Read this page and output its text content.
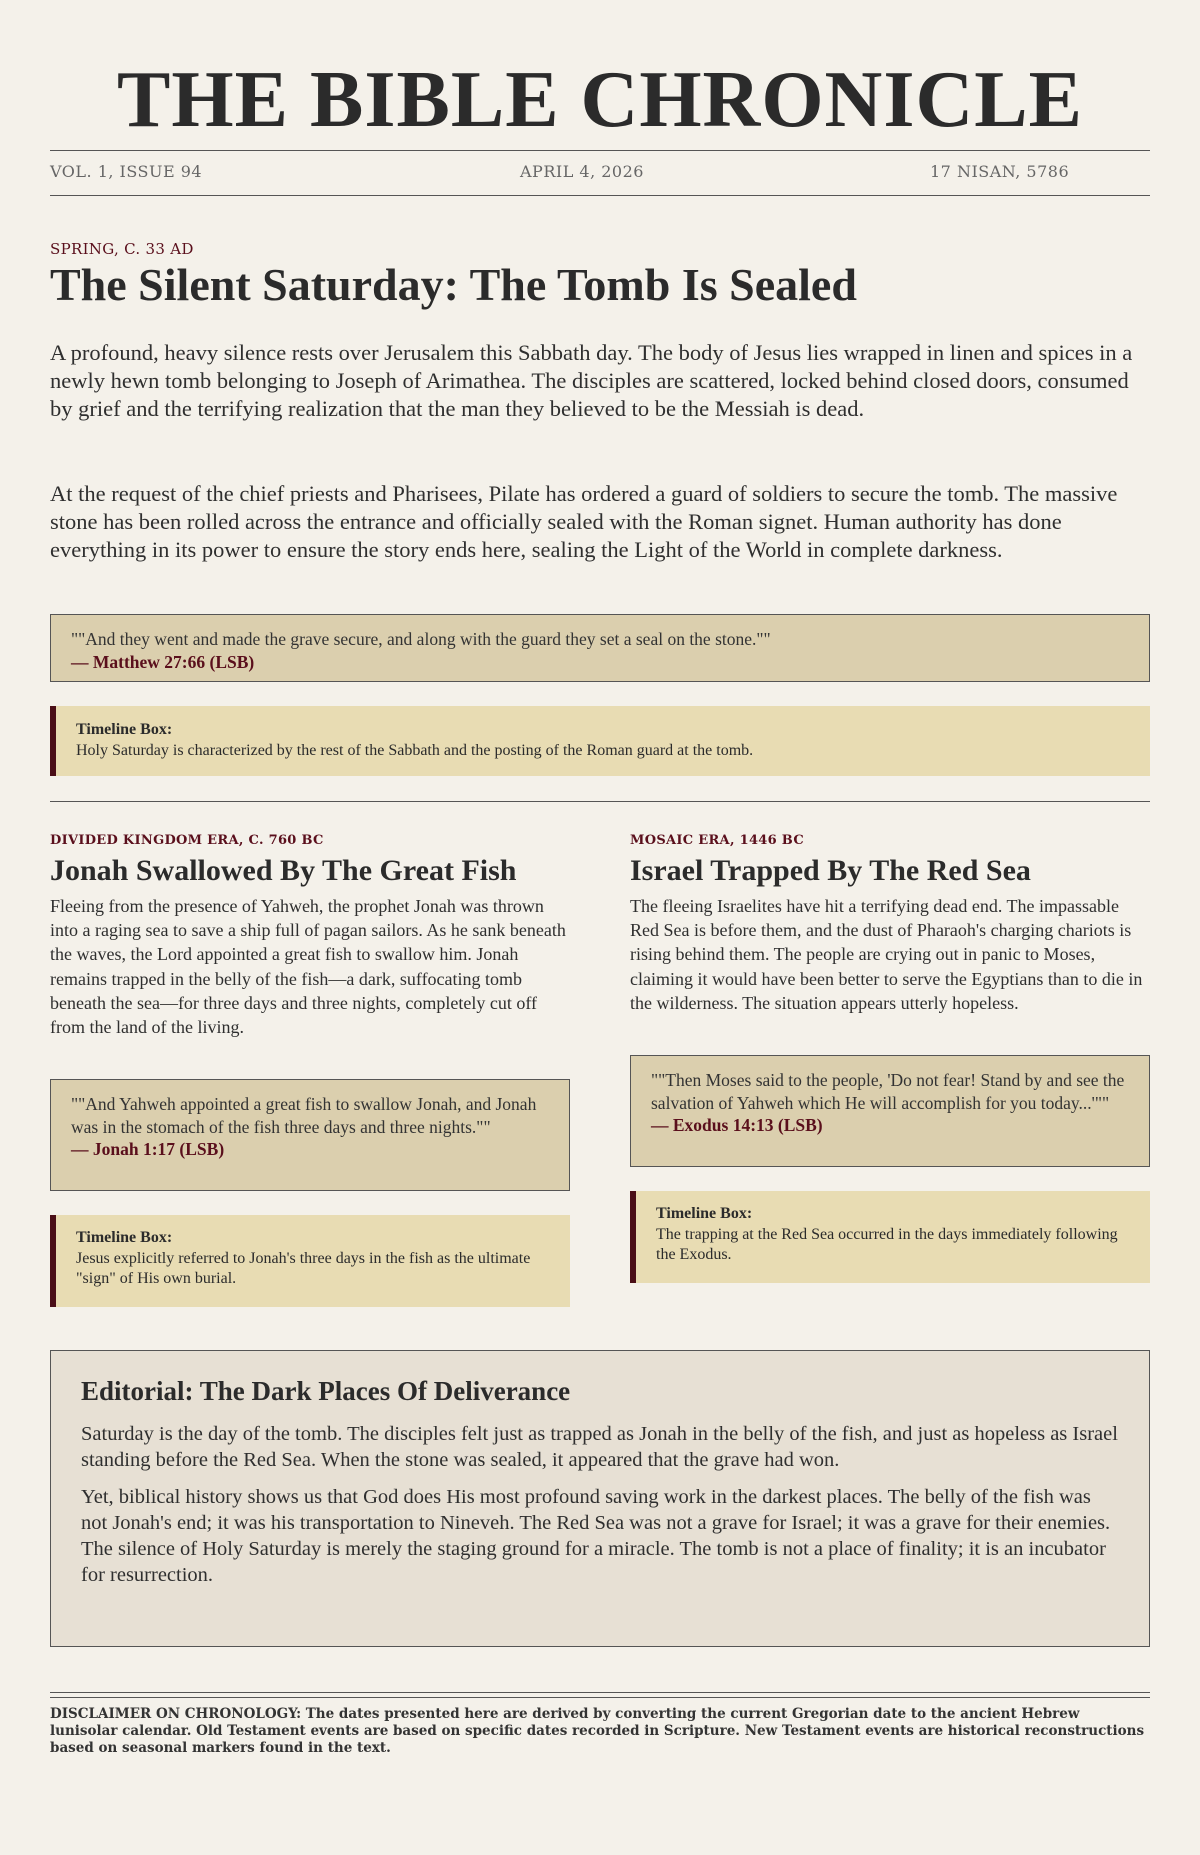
THE BIBLE CHRONICLE
VOL. 1, ISSUE 94	APRIL 4, 2026	17 NISAN, 5786
SPRING, C. 33 AD
The Silent Saturday: The Tomb Is Sealed
A profound, heavy silence rests over Jerusalem this Sabbath day. The body of Jesus lies wrapped in linen and spices in a newly hewn tomb belonging to Joseph of Arimathea. The disciples are scattered, locked behind closed doors, consumed by grief and the terrifying realization that the man they believed to be the Messiah is dead.
At the request of the chief priests and Pharisees, Pilate has ordered a guard of soldiers to secure the tomb. The massive stone has been rolled across the entrance and officially sealed with the Roman signet. Human authority has done everything in its power to ensure the story ends here, sealing the Light of the World in complete darkness.
""And they went and made the grave secure, and along with the guard they set a seal on the stone.""
— Matthew 27:66 (LSB)
Timeline Box:
Holy Saturday is characterized by the rest of the Sabbath and the posting of the Roman guard at the tomb.
DIVIDED KINGDOM ERA, C. 760 BC
Jonah Swallowed By The Great Fish
Fleeing from the presence of Yahweh, the prophet Jonah was thrown into a raging sea to save a ship full of pagan sailors. As he sank beneath the waves, the Lord appointed a great fish to swallow him. Jonah remains trapped in the belly of the fish—a dark, suffocating tomb beneath the sea—for three days and three nights, completely cut off from the land of the living.
""And Yahweh appointed a great fish to swallow Jonah, and Jonah was in the stomach of the fish three days and three nights.""
— Jonah 1:17 (LSB)
Timeline Box:
Jesus explicitly referred to Jonah's three days in the fish as the ultimate "sign" of His own burial.
MOSAIC ERA, 1446 BC
Israel Trapped By The Red Sea
The fleeing Israelites have hit a terrifying dead end. The impassable Red Sea is before them, and the dust of Pharaoh's charging chariots is rising behind them. The people are crying out in panic to Moses, claiming it would have been better to serve the Egyptians than to die in the wilderness. The situation appears utterly hopeless.
""Then Moses said to the people, 'Do not fear! Stand by and see the salvation of Yahweh which He will accomplish for you today...'""
— Exodus 14:13 (LSB)
Timeline Box:
The trapping at the Red Sea occurred in the days immediately following the Exodus.
Editorial: The Dark Places Of Deliverance
Saturday is the day of the tomb. The disciples felt just as trapped as Jonah in the belly of the fish, and just as hopeless as Israel standing before the Red Sea. When the stone was sealed, it appeared that the grave had won.
Yet, biblical history shows us that God does His most profound saving work in the darkest places. The belly of the fish was not Jonah's end; it was his transportation to Nineveh. The Red Sea was not a grave for Israel; it was a grave for their enemies. The silence of Holy Saturday is merely the staging ground for a miracle. The tomb is not a place of finality; it is an incubator for resurrection.
DISCLAIMER ON CHRONOLOGY: The dates presented here are derived by converting the current Gregorian date to the ancient Hebrew lunisolar calendar. Old Testament events are based on specific dates recorded in Scripture. New Testament events are historical reconstructions based on seasonal markers found in the text.
